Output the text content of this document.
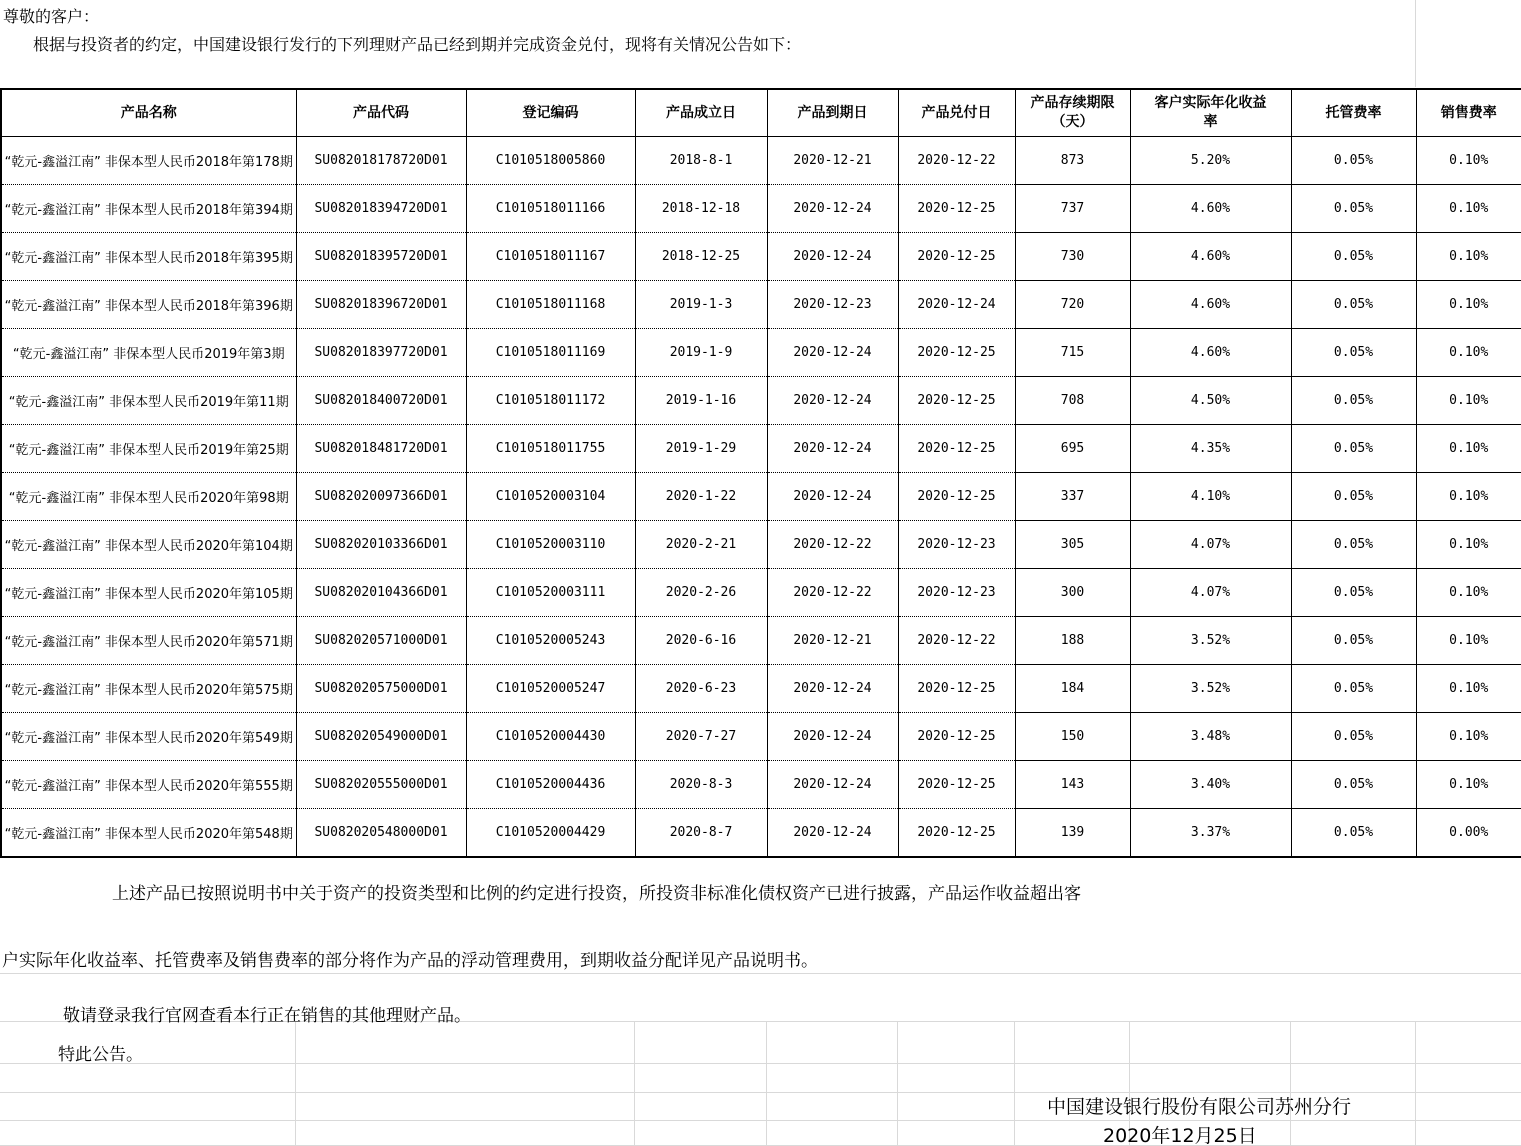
尊敬的客户：
根据与投资者的约定，中国建设银行发行的下列理财产品已经到期并完成资金兑付，现将有关情况公告如下：
产品名称	产品代码	登记编码	产品成立日	产品到期日	产品兑付日	产品存续期限（天）	客户实际年化收益率	托管费率	销售费率
“乾元-鑫溢江南” 非保本型人民币2018年第178期	SU082018178720D01	C1010518005860	2018-8-1	2020-12-21	2020-12-22	873	5.20%	0.05%	0.10%
“乾元-鑫溢江南” 非保本型人民币2018年第394期	SU082018394720D01	C1010518011166	2018-12-18	2020-12-24	2020-12-25	737	4.60%	0.05%	0.10%
“乾元-鑫溢江南” 非保本型人民币2018年第395期	SU082018395720D01	C1010518011167	2018-12-25	2020-12-24	2020-12-25	730	4.60%	0.05%	0.10%
“乾元-鑫溢江南” 非保本型人民币2018年第396期	SU082018396720D01	C1010518011168	2019-1-3	2020-12-23	2020-12-24	720	4.60%	0.05%	0.10%
“乾元-鑫溢江南” 非保本型人民币2019年第3期	SU082018397720D01	C1010518011169	2019-1-9	2020-12-24	2020-12-25	715	4.60%	0.05%	0.10%
“乾元-鑫溢江南” 非保本型人民币2019年第11期	SU082018400720D01	C1010518011172	2019-1-16	2020-12-24	2020-12-25	708	4.50%	0.05%	0.10%
“乾元-鑫溢江南” 非保本型人民币2019年第25期	SU082018481720D01	C1010518011755	2019-1-29	2020-12-24	2020-12-25	695	4.35%	0.05%	0.10%
“乾元-鑫溢江南” 非保本型人民币2020年第98期	SU082020097366D01	C1010520003104	2020-1-22	2020-12-24	2020-12-25	337	4.10%	0.05%	0.10%
“乾元-鑫溢江南” 非保本型人民币2020年第104期	SU082020103366D01	C1010520003110	2020-2-21	2020-12-22	2020-12-23	305	4.07%	0.05%	0.10%
“乾元-鑫溢江南” 非保本型人民币2020年第105期	SU082020104366D01	C1010520003111	2020-2-26	2020-12-22	2020-12-23	300	4.07%	0.05%	0.10%
“乾元-鑫溢江南” 非保本型人民币2020年第571期	SU082020571000D01	C1010520005243	2020-6-16	2020-12-21	2020-12-22	188	3.52%	0.05%	0.10%
“乾元-鑫溢江南” 非保本型人民币2020年第575期	SU082020575000D01	C1010520005247	2020-6-23	2020-12-24	2020-12-25	184	3.52%	0.05%	0.10%
“乾元-鑫溢江南” 非保本型人民币2020年第549期	SU082020549000D01	C1010520004430	2020-7-27	2020-12-24	2020-12-25	150	3.48%	0.05%	0.10%
“乾元-鑫溢江南” 非保本型人民币2020年第555期	SU082020555000D01	C1010520004436	2020-8-3	2020-12-24	2020-12-25	143	3.40%	0.05%	0.10%
“乾元-鑫溢江南” 非保本型人民币2020年第548期	SU082020548000D01	C1010520004429	2020-8-7	2020-12-24	2020-12-25	139	3.37%	0.05%	0.00%
上述产品已按照说明书中关于资产的投资类型和比例的约定进行投资，所投资非标准化债权资产已进行披露，产品运作收益超出客
户实际年化收益率、托管费率及销售费率的部分将作为产品的浮动管理费用，到期收益分配详见产品说明书。
敬请登录我行官网查看本行正在销售的其他理财产品。
特此公告。
中国建设银行股份有限公司苏州分行
2020年12月25日
